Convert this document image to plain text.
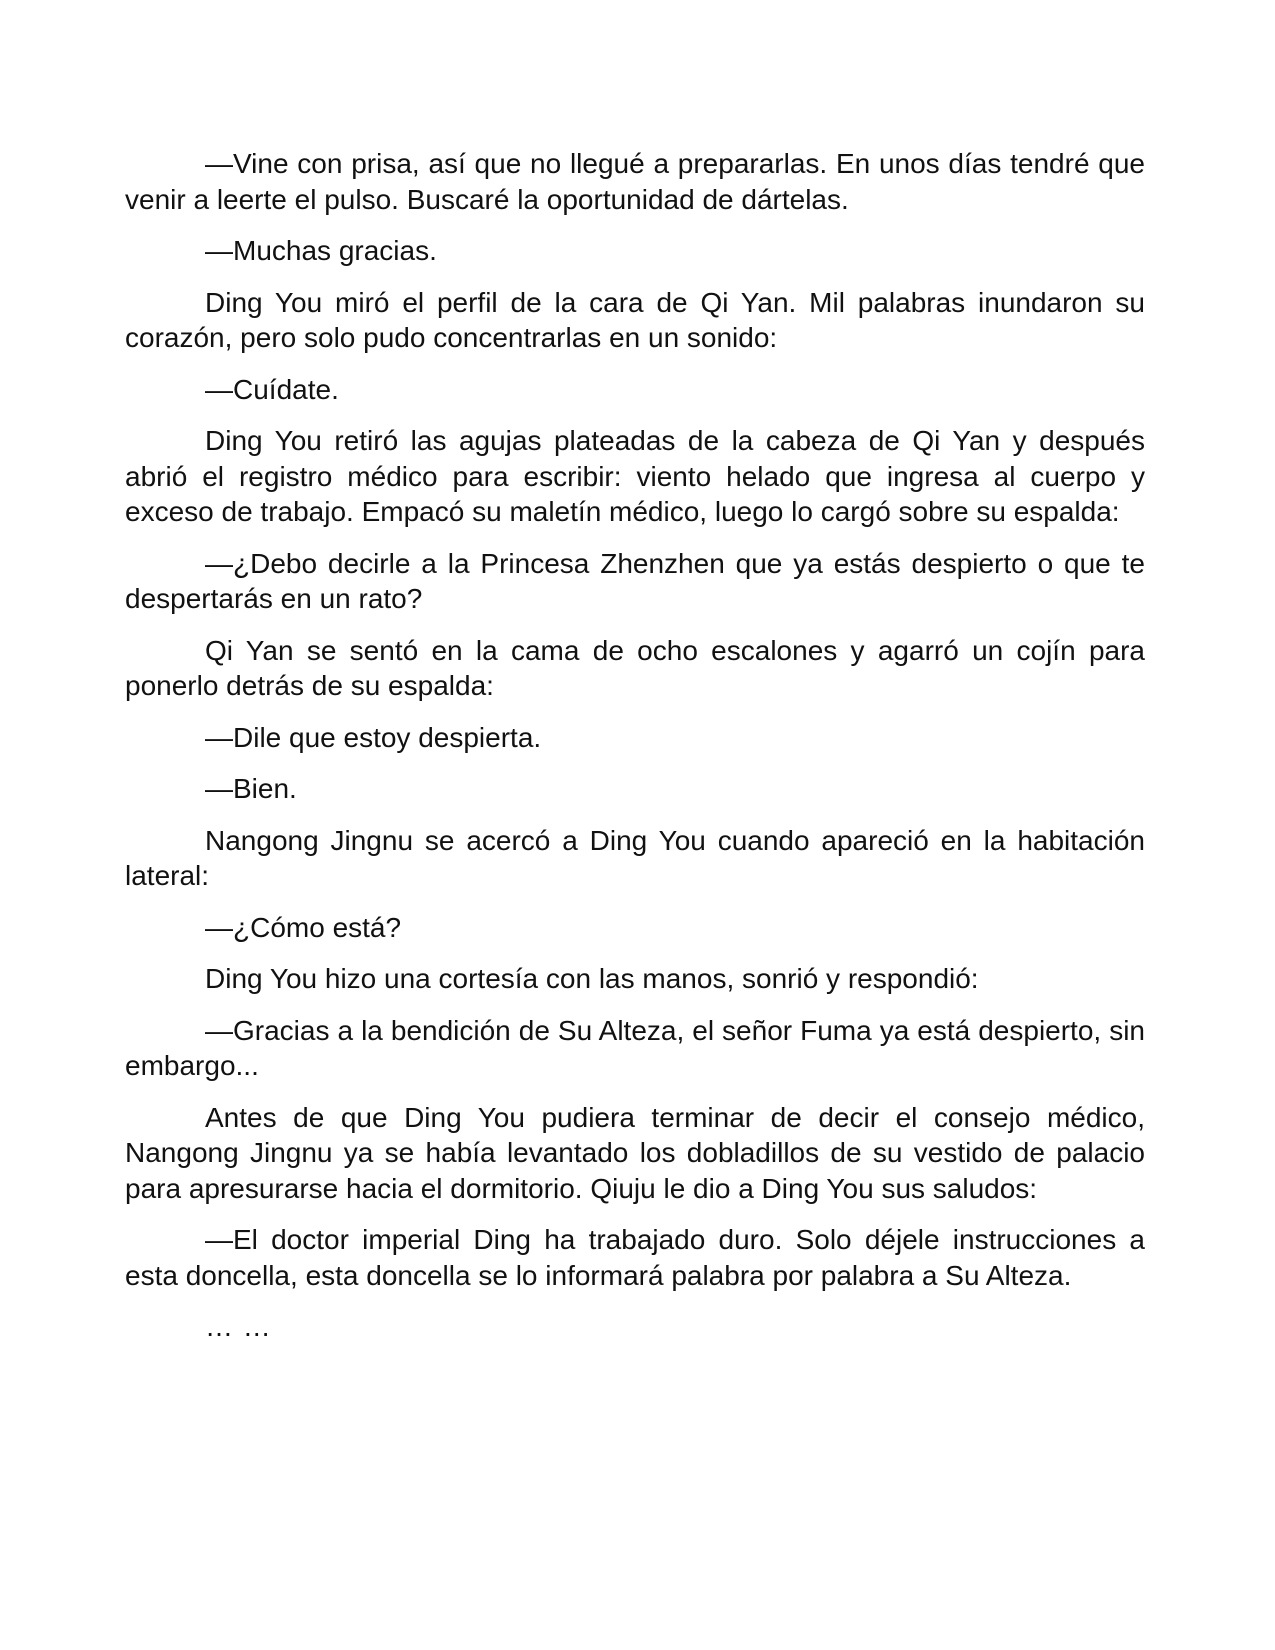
—Vine con prisa, así que no llegué a prepararlas. En unos días tendré que venir a leerte el pulso. Buscaré la oportunidad de dártelas.

—Muchas gracias.

Ding You miró el perfil de la cara de Qi Yan. Mil palabras inundaron su corazón, pero solo pudo concentrarlas en un sonido:

—Cuídate.

Ding You retiró las agujas plateadas de la cabeza de Qi Yan y después abrió el registro médico para escribir: viento helado que ingresa al cuerpo y exceso de trabajo. Empacó su maletín médico, luego lo cargó sobre su espalda:

—¿Debo decirle a la Princesa Zhenzhen que ya estás despierto o que te despertarás en un rato?

Qi Yan se sentó en la cama de ocho escalones y agarró un cojín para ponerlo detrás de su espalda:

—Dile que estoy despierta.

—Bien.

Nangong Jingnu se acercó a Ding You cuando apareció en la habitación lateral:

—¿Cómo está?

Ding You hizo una cortesía con las manos, sonrió y respondió:

—Gracias a la bendición de Su Alteza, el señor Fuma ya está despierto, sin embargo...

Antes de que Ding You pudiera terminar de decir el consejo médico, Nangong Jingnu ya se había levantado los dobladillos de su vestido de palacio para apresurarse hacia el dormitorio. Qiuju le dio a Ding You sus saludos:

—El doctor imperial Ding ha trabajado duro. Solo déjele instrucciones a esta doncella, esta doncella se lo informará palabra por palabra a Su Alteza.

… …
